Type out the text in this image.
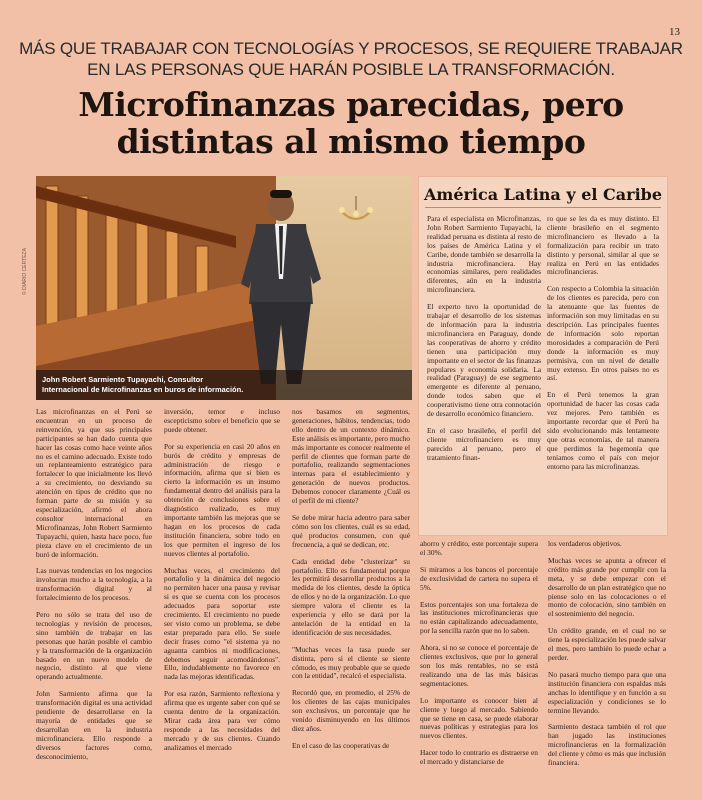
13
MÁS QUE TRABAJAR CON TECNOLOGÍAS Y PROCESOS, SE REQUIERE TRABAJAR
EN LAS PERSONAS QUE HARÁN POSIBLE LA TRANSFORMACIÓN.
Microfinanzas parecidas, pero
distintas al mismo tiempo
© DIARIO CERTEZA
John Robert Sarmiento Tupayachi, Consultor
Internacional de Microfinanzas en buros de información.
América Latina y el Caribe

Para el especialista en Microfinanzas, John Robert Sarmiento Tupayachi, la realidad peruana es distinta al resto de los países de América Latina y el Caribe, donde también se desarrolla la industria microfinanciera. Hay economías similares, pero realidades diferentes, aún en la industria microfinanciera.

El experto tuvo la oportunidad de trabajar el desarrollo de los sistemas de información para la industria microfinanciera en Paraguay, donde las cooperativas de ahorro y crédito tienen una participación muy importante en el sector de las finanzas populares y economía solidaria. La realidad (Paraguay) de ese segmento emergente es diferente al peruano, donde todos saben que el cooperativismo tiene otra connotación de desarrollo económico financiero.

En el caso brasileño, el perfil del cliente microfinanciero es muy parecido al peruano, pero el tratamiento finan-

ro que se les da es muy distinto. El cliente brasileño en el segmento microfinanciero es llevado a la formalización para recibir un trato distinto y personal, similar al que se realiza en Perú en las entidades microfinancieras.

Con respecto a Colombia la situación de los clientes es parecida, pero con la atenuante que las fuentes de información son muy limitadas en su descripción. Las principales fuentes de información solo reportan morosidades a comparación de Perú donde la información es muy permisiva, con un nivel de detalle muy extenso. En otros países no es así.

En el Perú tenemos la gran oportunidad de hacer las cosas cada vez mejores. Pero también es importante recordar que el Perú ha sido evolucionando más lentamente que otras economías, de tal manera que perdimos la hegemonía que teníamos como el país con mejor entorno para las microfinanzas.

Las microfinanzas en el Perú se encuentran en un proceso de reinvención, ya que sus principales participantes se han dado cuenta que hacer las cosas como hace veinte años no es el camino adecuado. Existe todo un replanteamiento estratégico para fortalecer lo que inicialmente los llevó a su crecimiento, no desviando su atención en tipos de crédito que no forman parte de su misión y su especialización, afirmó el ahora consultor internacional en Microfinanzas, John Robert Sarmiento Tupayachi, quien, hasta hace poco, fue pieza clave en el crecimiento de un buró de información.

Las nuevas tendencias en los negocios involucran mucho a la tecnología, a la transformación digital y al fortalecimiento de los procesos.

Pero no sólo se trata del uso de tecnologías y revisión de procesos, sino también de trabajar en las personas que harán posible el cambio y la transformación de la organización basado en un nuevo modelo de negocio, distinto al que viene operando actualmente.

John Sarmiento afirma que la transformación digital es una actividad pendiente de desarrollarse en la mayoría de entidades que se desarrollan en la industria microfinanciera. Ello responde a diversos factores como, desconocimiento,

inversión, temor e incluso escepticismo sobre el beneficio que se puede obtener.

Por su experiencia en casi 20 años en burós de crédito y empresas de administración de riesgo e información, afirma que si bien es cierto la información es un insumo fundamental dentro del análisis para la obtención de conclusiones sobre el diagnóstico realizado, es muy importante también las mejoras que se hagan en los procesos de cada institución financiera, sobre todo en los que permiten el ingreso de los nuevos clientes al portafolio.

Muchas veces, el crecimiento del portafolio y la dinámica del negocio no permiten hacer una pausa y revisar si es que se cuenta con los procesos adecuados para soportar este crecimiento. El crecimiento no puede ser visto como un problema, se debe estar preparado para ello. Se suele decir frases como "el sistema ya no aguanta cambios ni modificaciones, debemos seguir acomodándonos". Ello, indudablemente no favorece en nada las mejoras identificadas.

Por esa razón, Sarmiento reflexiona y afirma que es urgente saber con qué se cuenta dentro de la organización. Mirar cada área para ver cómo responde a las necesidades del mercado y de sus clientes. Cuando analizamos el mercado

nos basamos en segmentos, generaciones, hábitos, tendencias, todo ello dentro de un contexto dinámico. Este análisis es importante, pero mucho más importante es conocer realmente el perfil de clientes que forman parte de portafolio, realizando segmentaciones internas para el establecimiento y generación de nuevos productos. Debemos conocer claramente ¿Cuál es el perfil de mi cliente?

Se debe mirar hacia adentro para saber cómo son los clientes, cuál es su edad, qué productos consumen, con qué frecuencia, a qué se dedican, etc.

Cada entidad debe "clusterizar" su portafolio. Ello es fundamental porque les permitirá desarrollar productos a la medida de los clientes, desde la óptica de ellos y no de la organización. Lo que siempre valora el cliente es la experiencia y ello se dará por la antelación de la entidad en la identificación de sus necesidades.

"Muchas veces la tasa puede ser distinta, pero si el cliente se siente cómodo, es muy probable que se quede con la entidad", recalcó el especialista.

Recordó que, en promedio, el 25% de los clientes de las cajas municipales son exclusivos, un porcentaje que he venido disminuyendo en los últimos diez años.

En el caso de las cooperativas de

ahorro y crédito, este porcentaje supera el 30%.

Si miramos a los bancos el porcentaje de exclusividad de cartera no supera el 5%.

Estos porcentajes son una fortaleza de las instituciones microfinancieras que no están capitalizando adecuadamente, por la sencilla razón que no lo saben.

Ahora, si no se conoce el porcentaje de clientes exclusivos, que por lo general son los más rentables, no se está realizando una de las más básicas segmentaciones.

Lo importante es conocer bien al cliente y luego al mercado. Sabiendo que se tiene en casa, se puede elaborar nuevas políticas y estrategias para los nuevos clientes.

Hacer todo lo contrario es distraerse en el mercado y distanciarse de

los verdaderos objetivos.

Muchas veces se apunta a ofrecer el crédito más grande por cumplir con la meta, y se debe empezar con el desarrollo de un plan estratégico que no piense solo en las colocaciones o el monto de colocación, sino también en el sostenimiento del negocio.

Un crédito grande, en el cual no se tiene la especialización les puede salvar el mes, pero también lo puede echar a perder.

No pasará mucho tiempo para que una institución financiera con espaldas más anchas lo identifique y en función a su especialización y condiciones se lo termine llevando.

Sarmiento destaca también el rol que han jugado las instituciones microfinancieras en la formalización del cliente y cómo es más que inclusión financiera.
